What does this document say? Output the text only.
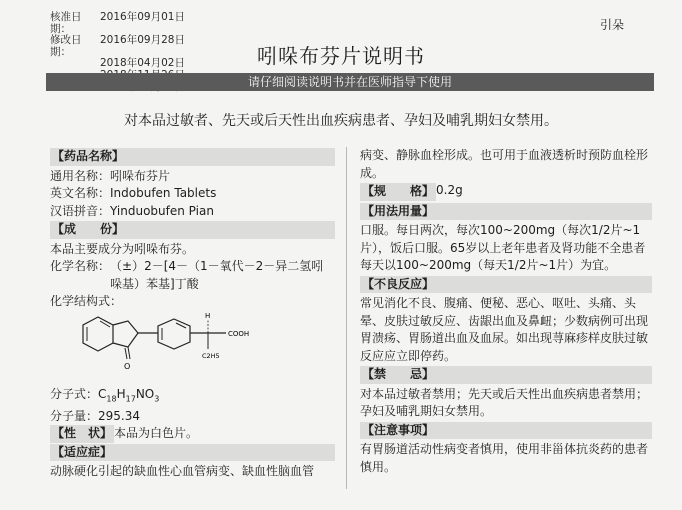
核准日期：
2016年09月01日
修改日期：
2016年09月28日
2018年04月02日
引朵
吲哚布芬片说明书
请仔细阅读说明书并在医师指导下使用
对本品过敏者、先天或后天性出血疾病患者、孕妇及哺乳期妇女禁用。
【药品名称】

通用名称：吲哚布芬片

英文名称：Indobufen Tablets

汉语拼音：Yinduobufen Pian

【成　　份】

本品主要成分为吲哚布芬。

化学名称： （±）2－[4－（1－氧代－2－异二氢吲哚基）苯基]丁酸

化学结构式：

O
COOH
H
C2H5

分子式：$C_{18}H_{17}NO_3$

分子量：295.34

【性　状】 本品为白色片。
【适应症】

动脉硬化引起的缺血性心血管病变、缺血性脑血管

病变、静脉血栓形成。也可用于血液透析时预防血栓形成。

【规　　格】 0.2g
【用法用量】

口服。每日两次，每次100~200mg（每次1/2片~1片），饭后口服。65岁以上老年患者及肾功能不全患者每天以100~200mg（每天1/2片~1片）为宜。

【不良反应】

常见消化不良、腹痛、便秘、恶心、呕吐、头痛、头晕、皮肤过敏反应、齿龈出血及鼻衄；少数病例可出现胃溃疡、胃肠道出血及血尿。如出现荨麻疹样皮肤过敏反应应立即停药。

【禁　　忌】

对本品过敏者禁用；先天或后天性出血疾病患者禁用；孕妇及哺乳期妇女禁用。

【注意事项】

有胃肠道活动性病变者慎用，使用非甾体抗炎药的患者慎用。
